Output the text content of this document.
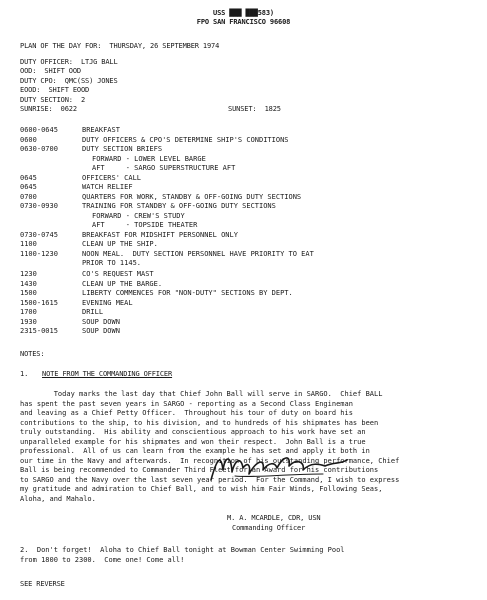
USS ███ ███583)
FPO SAN FRANCISCO 96608
PLAN OF THE DAY FOR:  THURSDAY, 26 SEPTEMBER 1974
DUTY OFFICER:  LTJG BALL
OOD:  SHIFT OOD
DUTY CPO:  QMC(SS) JONES
EOOD:  SHIFT EOOD
DUTY SECTION:  2
SUNRISE:  0622	SUNSET:  1825
0600-0645	BREAKFAST
0600	DUTY OFFICERS & CPO'S DETERMINE SHIP'S CONDITIONS
0630-0700	DUTY SECTION BRIEFS
FORWARD - LOWER LEVEL BARGE
AFT     - SARGO SUPERSTRUCTURE AFT
0645	OFFICERS' CALL
0645	WATCH RELIEF
0700	QUARTERS FOR WORK, STANDBY & OFF-GOING DUTY SECTIONS
0730-0930	TRAINING FOR STANDBY & OFF-GOING DUTY SECTIONS
FORWARD - CREW'S STUDY
AFT     - TOPSIDE THEATER
0730-0745	BREAKFAST FOR MIDSHIFT PERSONNEL ONLY
1100	CLEAN UP THE SHIP.
1100-1230	NOON MEAL.  DUTY SECTION PERSONNEL HAVE PRIORITY TO EAT
PRIOR TO 1145.
1230	CO'S REQUEST MAST
1430	CLEAN UP THE BARGE.
1500	LIBERTY COMMENCES FOR "NON-DUTY" SECTIONS BY DEPT.
1500-1615	EVENING MEAL
1700	DRILL
1930	SOUP DOWN
2315-0015	SOUP DOWN
NOTES:
1. NOTE FROM THE COMMANDING OFFICER
Today marks the last day that Chief John Ball will serve in SARGO.  Chief BALL
has spent the past seven years in SARGO - reporting as a Second Class Engineman
and leaving as a Chief Petty Officer.  Throughout his tour of duty on board his
contributions to the ship, to his division, and to hundreds of his shipmates has been
truly outstanding.  His ability and conscientious approach to his work have set an
unparalleled example for his shipmates and won their respect.  John Ball is a true
professional.  All of us can learn from the example he has set and apply it both in
our time in the Navy and afterwards.  In recognition of his outstanding performance, Chief
Ball is being recommended to Commander Third Fleet for an Award for his contributions
to SARGO and the Navy over the last seven year period.  For the Command, I wish to express
my gratitude and admiration to Chief Ball, and to wish him Fair Winds, Following Seas,
Aloha, and Mahalo.
M. A. MCARDLE, CDR, USN
Commanding Officer
2.  Don't forget!  Aloha to Chief Ball tonight at Bowman Center Swimming Pool
from 1800 to 2300.  Come one! Come all!
SEE REVERSE
